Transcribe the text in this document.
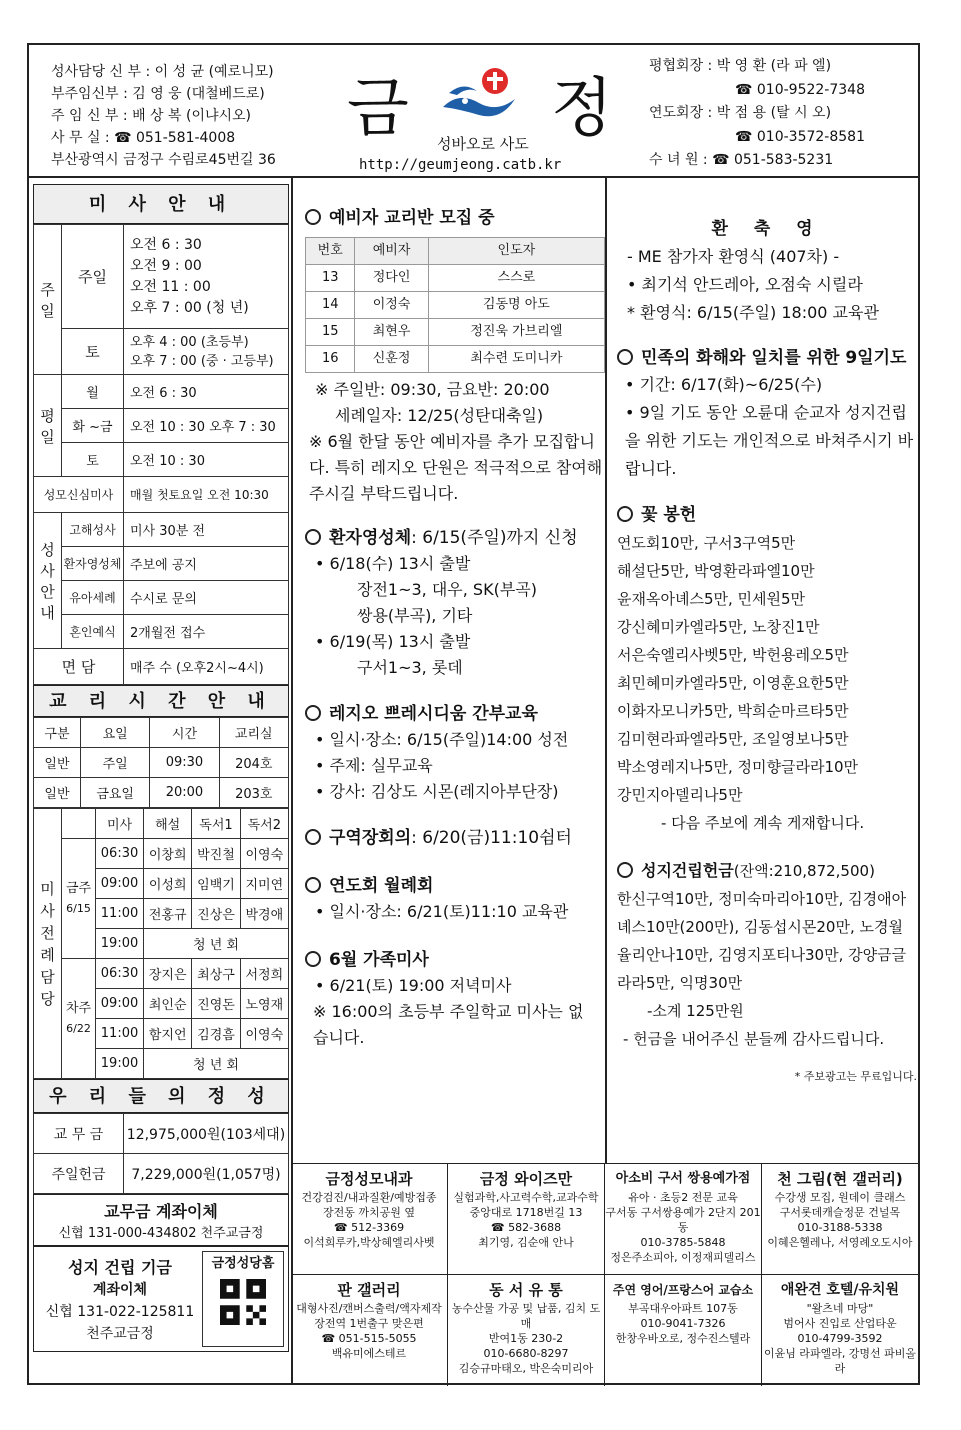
성사담당 신 부 : 이 성 균 (예로니모)
부주임신부 : 김 영 웅 (대철베드로)
주 임 신 부 : 배 상 복 (이냐시오)
사 무 실 : ☎ 051-581-4008
부산광역시 금정구 수림로45번길 36
금 정
성바오로 사도
http://geumjeong.catb.kr
평협회장 : 박 영 환 (라 파 엘)
☎ 010-9522-7348
연도회장 : 박 점 용 (탈 시 오)
☎ 010-3572-8581
수 녀 원 : ☎ 051-583-5231
미 사 안 내
주일	주일	오전 6 : 30
오전 9 : 00
오전 11 : 00
오후 7 : 00 (청 년)

	토	오후 4 : 00 (초등부)
오후 7 : 00 (중 · 고등부)

평일	월	오전 6 : 30
	화 ~금	오전 10 : 30 오후 7 : 30
	토	오전 10 : 30
성모신심미사		매월 첫토요일 오전 10:30
성사안내	고해성사	미사 30분 전
	환자영성체	주보에 공지
	유아세례	수시로 문의
	혼인예식	2개월전 접수
면 담		매주 수 (오후2시~4시)
교 리 시 간 안 내
구분	요일	시간	교리실
일반	주일	09:30	204호
일반	금요일	20:00	203호
미사전례담당		미사	해설	독서1	독서2

	금주
6/15	06:30	이창희	박진철	이영숙
		09:00	이성희	임백기	지미연
		11:00	전홍규	진상은	박경애
		19:00	청 년 회		

	차주
6/22	06:30	장지은	최상구	서정희
		09:00	최인순	진영돈	노영재
		11:00	함지언	김경흠	이영숙
		19:00	청 년 회		
우 리 들 의 정 성
교 무 금	12,975,000원(103세대)
주일헌금	7,229,000원(1,057명)
교무금 계좌이체
신협 131-000-434802 천주교금정
성지 건립 기금
계좌이체
신협 131-022-125811
천주교금정
금정성당홈
예비자 교리반 모집 중
번호	예비자	인도자
13	정다인	스스로
14	이정숙	김동명 아도
15	최현우	정진욱 가브리엘
16	신훈정	최수련 도미니카
※ 주일반: 09:30, 금요반: 20:00
세례일자: 12/25(성탄대축일)
※ 6월 한달 동안 예비자를 추가 모집합니다. 특히 레지오 단원은 적극적으로 참여해 주시길 부탁드립니다.
환자영성체: 6/15(주일)까지 신청
• 6/18(수) 13시 출발
장전1~3, 대우, SK(부곡)
쌍용(부곡), 기타
• 6/19(목) 13시 출발
구서1~3, 롯데
레지오 쁘레시디움 간부교육
• 일시·장소: 6/15(주일)14:00 성전
• 주제: 실무교육
• 강사: 김상도 시몬(레지아부단장)
구역장회의: 6/20(금)11:10쉼터
연도회 월례회
• 일시·장소: 6/21(토)11:10 교육관
6월 가족미사
• 6/21(토) 19:00 저녁미사
※ 16:00의 초등부 주일학교 미사는 없습니다.
환 축 영
- ME 참가자 환영식 (407차) -
• 최기석 안드레아, 오점숙 시릴라
* 환영식: 6/15(주일) 18:00 교육관
민족의 화해와 일치를 위한 9일기도
• 기간: 6/17(화)~6/25(수)
• 9일 기도 동안 오륜대 순교자 성지건립을 위한 기도는 개인적으로 바쳐주시기 바랍니다.
꽃 봉헌
연도회10만, 구서3구역5만
해설단5만, 박영환라파엘10만
윤재옥아녜스5만, 민세원5만
강신혜미카엘라5만, 노창진1만
서은숙엘리사벳5만, 박헌용레오5만
최민혜미카엘라5만, 이영훈요한5만
이화자모니카5만, 박희순마르타5만
김미현라파엘라5만, 조일영보나5만
박소영레지나5만, 정미향글라라10만
강민지아델리나5만
- 다음 주보에 계속 게재합니다.
성지건립헌금(잔액:210,872,500)
한신구역10만, 정미숙마리아10만, 김경애아녜스10만(200만), 김동섭시몬20만, 노경월율리안나10만, 김영지포티나30만, 강양금글라라5만, 익명30만
-소계 125만원
- 헌금을 내어주신 분들께 감사드립니다.
* 주보광고는 무료입니다.
금정성모내과
건강검진/내과질환/예방접종
장전동 까치공원 옆
☎ 512-3369
이석희루카,박상혜엘리사벳
금정 와이즈만
실험과학,사고력수학,교과수학
중앙대로 1718번길 13
☎ 582-3688
최기영, 김순애 안나
아소비 구서 쌍용예가점
유아 · 초등2 전문 교육
구서동 구서쌍용예가 2단지 201동
010-3785-5848
정은주소피아, 이정재피델리스
천 그림(현 갤러리)
수강생 모집, 원데이 클래스
구서롯데캐슬정문 건널목
010-3188-5338
이혜은헬레나, 서영례오도시아
판 갤러리
대형사진/캔버스출력/액자제작
장전역 1번출구 맞은편
☎ 051-515-5055
백유미에스테르
동 서 유 통
농수산물 가공 및 납품, 김치 도매
반여1동 230-2
010-6680-8297
김승규마태오, 박은숙미리아
주연 영어/프랑스어 교습소
부곡대우아파트 107동
010-9041-7326
한창우바오로, 정수진스텔라
애완견 호텔/유치원
"왈츠네 마당"
범어사 진입로 산업타운
010-4799-3592
이윤님 라파엘라, 강명선 파비올라
